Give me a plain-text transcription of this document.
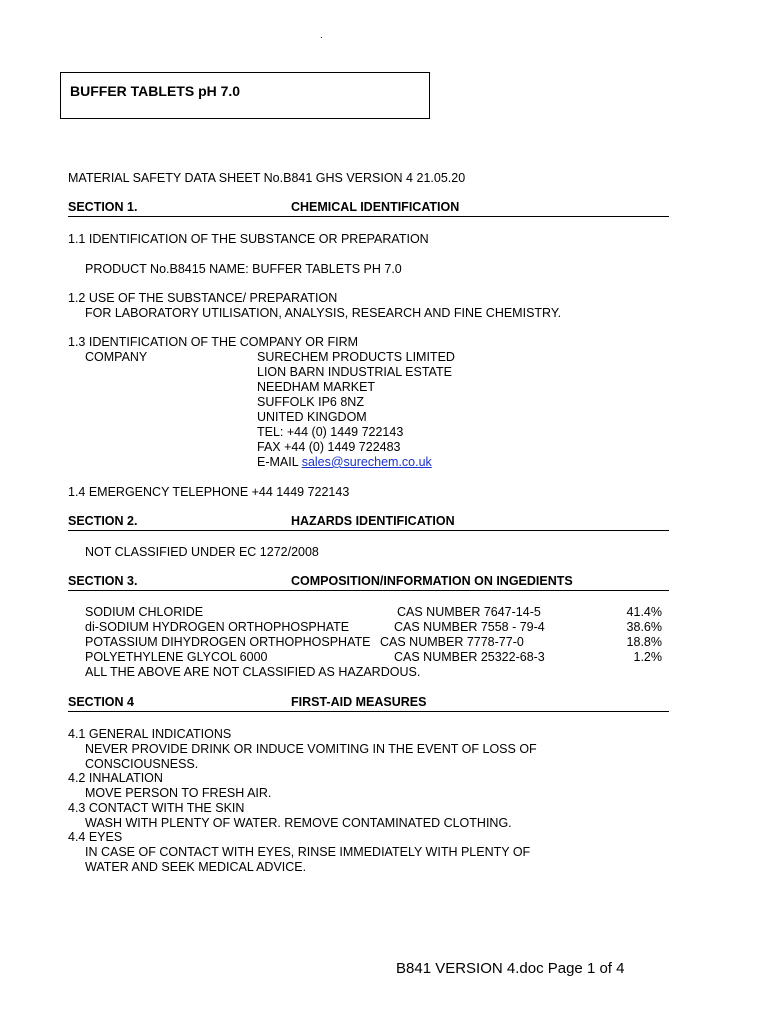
.
BUFFER TABLETS pH 7.0
MATERIAL SAFETY DATA SHEET No.B841 GHS VERSION 4 21.05.20
SECTION 1.	CHEMICAL IDENTIFICATION
1.1 IDENTIFICATION OF THE SUBSTANCE OR PREPARATION
PRODUCT No.B8415 NAME: BUFFER TABLETS PH 7.0
1.2 USE OF THE SUBSTANCE/ PREPARATION
FOR LABORATORY UTILISATION, ANALYSIS, RESEARCH AND FINE CHEMISTRY.
1.3 IDENTIFICATION OF THE COMPANY OR FIRM
COMPANY	SURECHEM PRODUCTS LIMITED
LION BARN INDUSTRIAL ESTATE
NEEDHAM MARKET
SUFFOLK IP6 8NZ
UNITED KINGDOM
TEL: +44 (0) 1449 722143
FAX +44 (0) 1449 722483
E-MAIL sales@surechem.co.uk
1.4 EMERGENCY TELEPHONE +44 1449 722143
SECTION 2.	HAZARDS IDENTIFICATION
NOT CLASSIFIED UNDER EC 1272/2008
SECTION 3.	COMPOSITION/INFORMATION ON INGEDIENTS
SODIUM CHLORIDE	CAS NUMBER 7647-14-5	41.4%
di-SODIUM HYDROGEN ORTHOPHOSPHATE	CAS NUMBER 7558 - 79-4	38.6%
POTASSIUM DIHYDROGEN ORTHOPHOSPHATE CAS NUMBER 7778-77-0	18.8%
POLYETHYLENE GLYCOL 6000	CAS NUMBER 25322-68-3	1.2%
ALL THE ABOVE ARE NOT CLASSIFIED AS HAZARDOUS.
SECTION 4	FIRST-AID MEASURES
4.1 GENERAL INDICATIONS
NEVER PROVIDE DRINK OR INDUCE VOMITING IN THE EVENT OF LOSS OF
CONSCIOUSNESS.
4.2 INHALATION
MOVE PERSON TO FRESH AIR.
4.3 CONTACT WITH THE SKIN
WASH WITH PLENTY OF WATER. REMOVE CONTAMINATED CLOTHING.
4.4 EYES
IN CASE OF CONTACT WITH EYES, RINSE IMMEDIATELY WITH PLENTY OF
WATER AND SEEK MEDICAL ADVICE.
B841 VERSION 4.doc Page 1 of 4
